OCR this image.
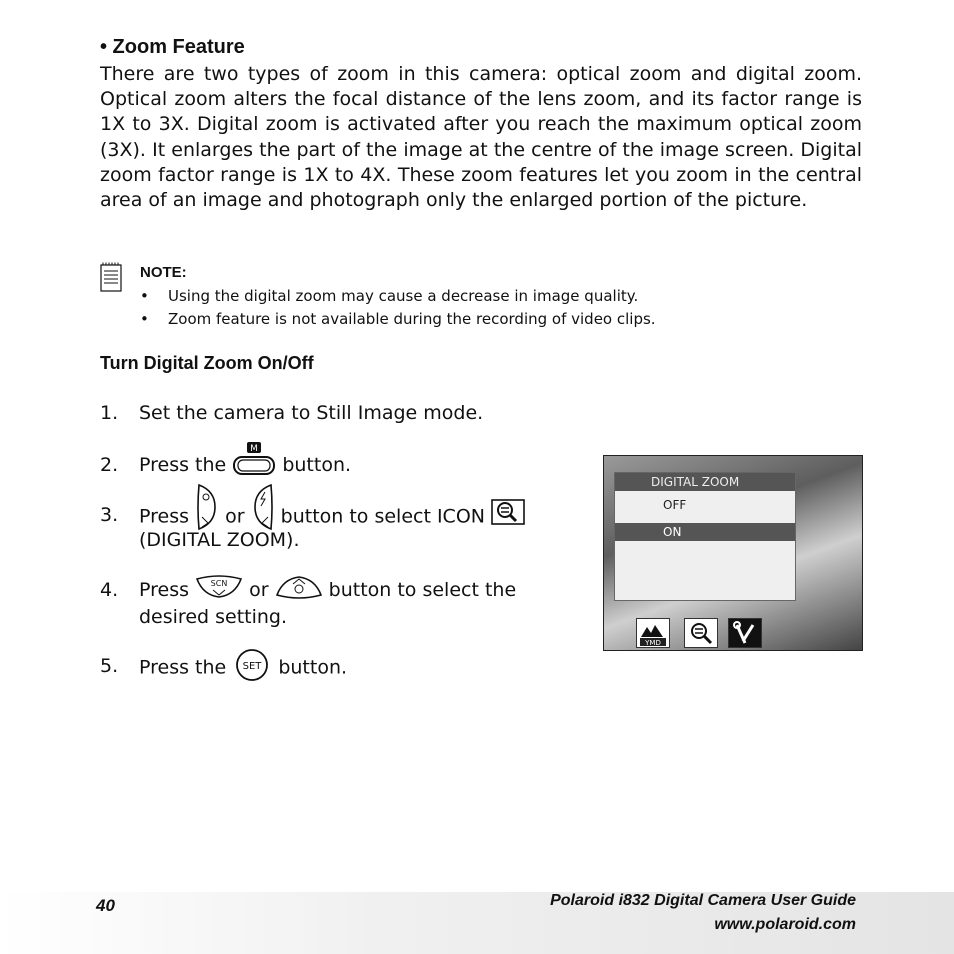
• Zoom Feature
There are two types of zoom in this camera: optical zoom and digital zoom. Optical zoom alters the focal distance of the lens zoom, and its factor range is 1X to 3X. Digital zoom is activated after you reach the maximum optical zoom (3X). It enlarges the part of the image at the centre of the image screen. Digital zoom factor range is 1X to 4X. These zoom features let you zoom in the central area of an image and photograph only the enlarged portion of the picture.
NOTE:
• Using the digital zoom may cause a decrease in image quality.
• Zoom feature is not available during the recording of video clips.
Turn Digital Zoom On/Off
1. Set the camera to Still Image mode.
2. Press the
M
button.
3. Press or button to select ICON
(DIGITAL ZOOM).
4. Press	SCN or	button to select the
desired setting.
5. Press the SET button.
DIGITAL ZOOM
OFF
ON
YMD
40	Polaroid i832 Digital Camera User Guide
www.polaroid.com
